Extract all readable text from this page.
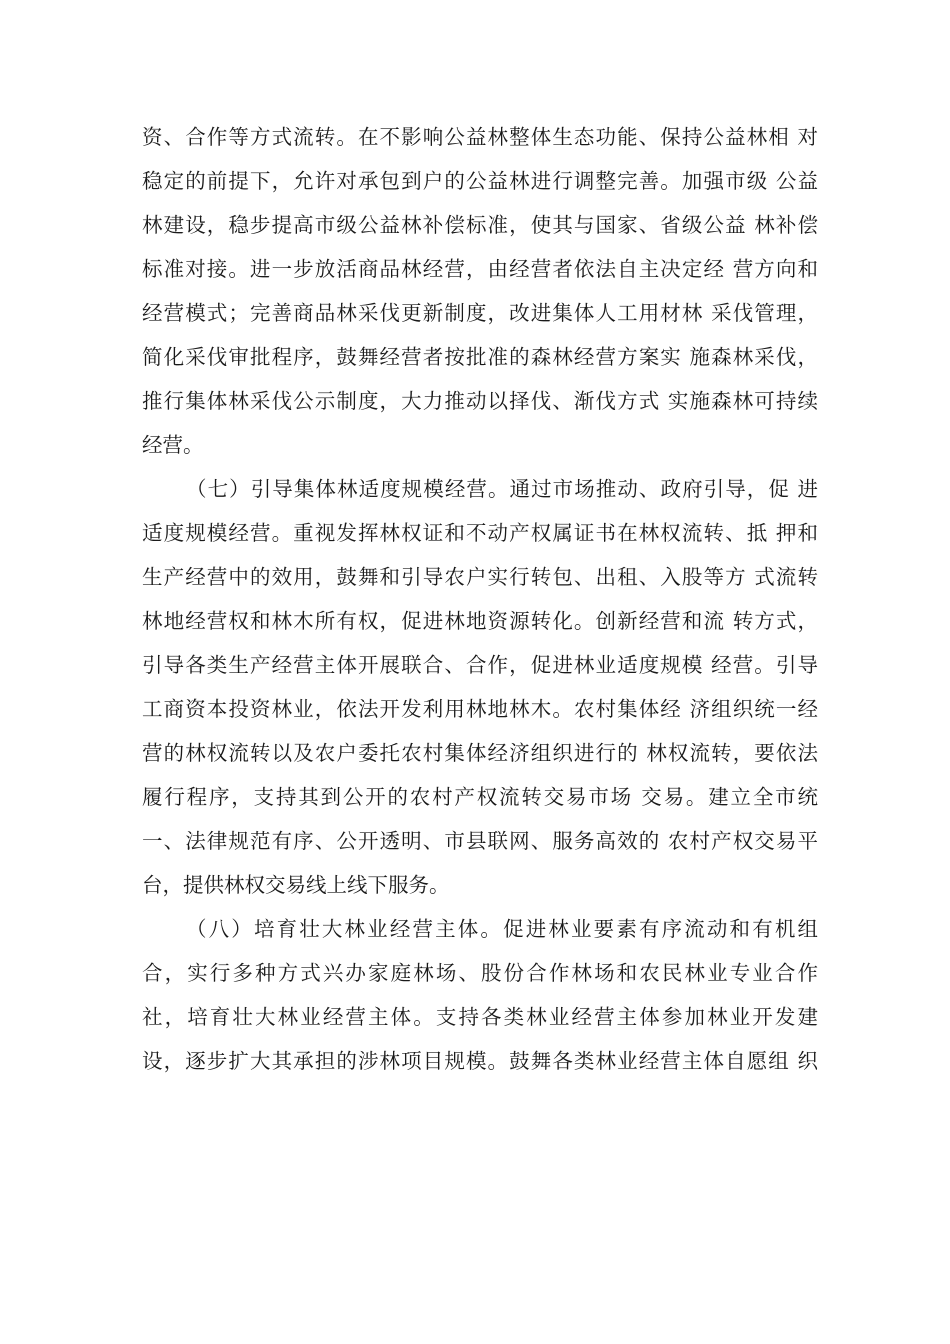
资、合作等方式流转。在不影响公益林整体生态功能、保持公益林相 对
稳定的前提下，允许对承包到户的公益林进行调整完善。加强市级 公益
林建设，稳步提高市级公益林补偿标准，使其与国家、省级公益 林补偿
标准对接。进一步放活商品林经营，由经营者依法自主决定经 营方向和
经营模式；完善商品林采伐更新制度，改进集体人工用材林 采伐管理，
简化采伐审批程序，鼓舞经营者按批准的森林经营方案实 施森林采伐，
推行集体林采伐公示制度，大力推动以择伐、渐伐方式 实施森林可持续
经营。
（七）引导集体林适度规模经营。通过市场推动、政府引导，促 进
适度规模经营。重视发挥林权证和不动产权属证书在林权流转、抵 押和
生产经营中的效用，鼓舞和引导农户实行转包、出租、入股等方 式流转
林地经营权和林木所有权，促进林地资源转化。创新经营和流 转方式，
引导各类生产经营主体开展联合、合作，促进林业适度规模 经营。引导
工商资本投资林业，依法开发利用林地林木。农村集体经 济组织统一经
营的林权流转以及农户委托农村集体经济组织进行的 林权流转，要依法
履行程序，支持其到公开的农村产权流转交易市场 交易。建立全市统
一、法律规范有序、公开透明、市县联网、服务高效的 农村产权交易平
台，提供林权交易线上线下服务。
（八）培育壮大林业经营主体。促进林业要素有序流动和有机组
合，实行多种方式兴办家庭林场、股份合作林场和农民林业专业合作
社，培育壮大林业经营主体。支持各类林业经营主体参加林业开发建
设，逐步扩大其承担的涉林项目规模。鼓舞各类林业经营主体自愿组 织
